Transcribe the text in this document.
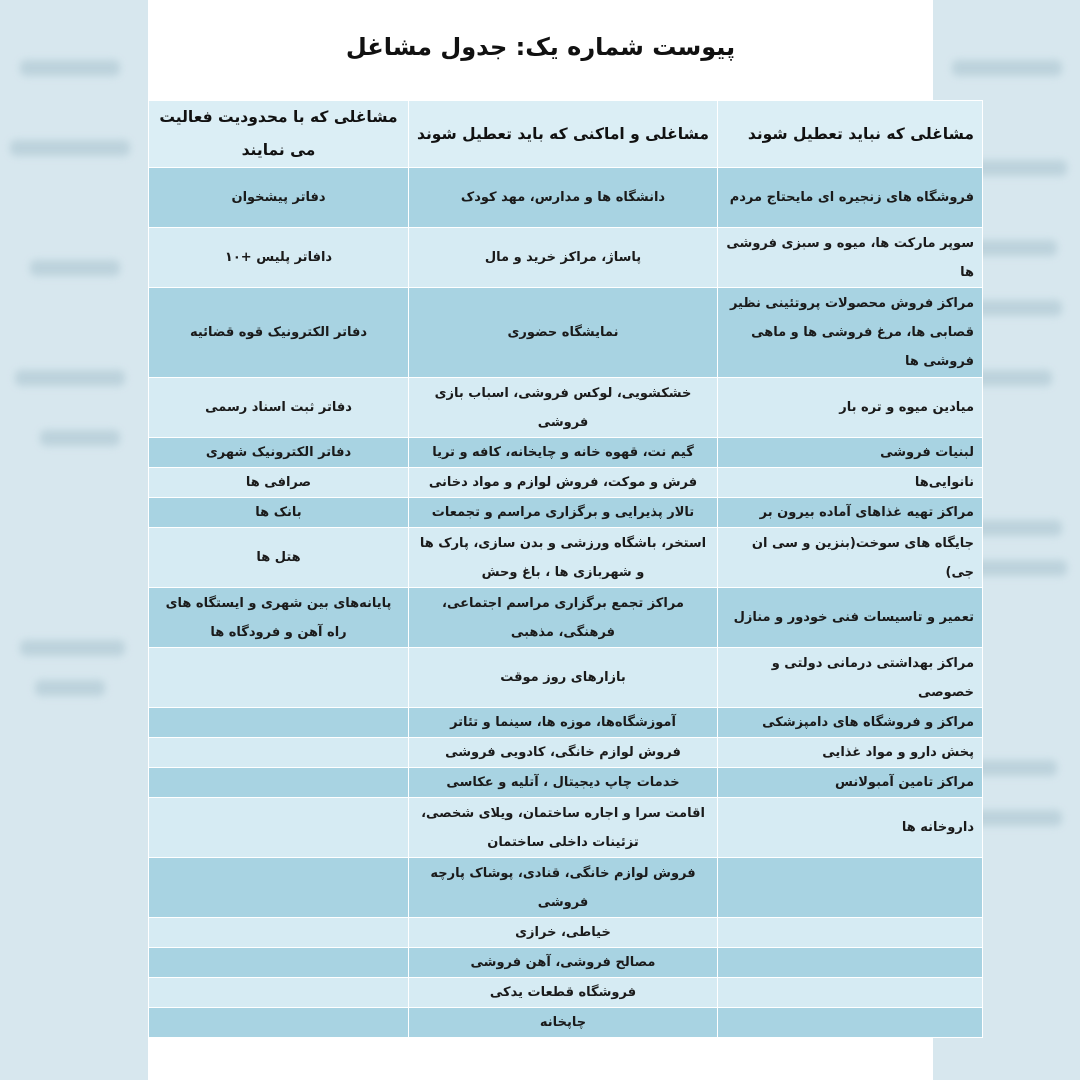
پیوست شماره یک: جدول مشاغل
مشاغلی که نباید تعطیل شوند	مشاغلی و اماکنی که باید تعطیل شوند	مشاغلی که با محدودیت فعالیت می نمایند
فروشگاه های زنجیره ای مایحتاج مردم	دانشگاه ها و مدارس، مهد کودک	دفاتر پیشخوان
سوپر مارکت ها، میوه و سبزی فروشی ها	پاساژ، مراکز خرید و مال	دافاتر پلیس +۱۰
مراکز فروش محصولات پروتئینی نظیر قصابی ها، مرغ فروشی ها و ماهی فروشی ها	نمایشگاه حضوری	دفاتر الکترونیک قوه قضائیه
میادین میوه و تره بار	خشکشویی، لوکس فروشی، اسباب بازی فروشی	دفاتر ثبت اسناد رسمی
لبنیات فروشی	گیم نت، قهوه خانه و چایخانه، کافه و تریا	دفاتر الکترونیک شهری
نانوایی‌ها	فرش و موکت، فروش لوازم و مواد دخانی	صرافی ها
مراکز تهیه غذاهای آماده بیرون بر	تالار پذیرایی و برگزاری مراسم و تجمعات	بانک ها
جایگاه های سوخت(بنزین و سی ان جی)	استخر، باشگاه ورزشی و بدن سازی، پارک ها و شهربازی ها ، باغ وحش	هتل ها
تعمیر و تاسیسات فنی خودور و منازل	مراکز تجمع برگزاری مراسم اجتماعی، فرهنگی، مذهبی	پایانه‌های بین شهری و ایستگاه های راه آهن و فرودگاه ها
مراکز بهداشتی درمانی دولتی و خصوصی	بازارهای روز موقت	
مراکز و فروشگاه های دامپزشکی	آموزشگاه‌ها، موزه ها، سینما و تئاتر	
پخش دارو و مواد غذایی	فروش لوازم خانگی، کادویی فروشی	
مراکز تامین آمبولانس	خدمات چاپ دیجیتال ، آتلیه و عکاسی	
داروخانه ها	اقامت سرا و اجاره ساختمان، ویلای شخصی، تزئینات داخلی ساختمان	
	فروش لوازم خانگی، قنادی، پوشاک پارچه فروشی	
	خیاطی، خرازی	
	مصالح فروشی، آهن فروشی	
	فروشگاه قطعات یدکی	
	چاپخانه	
